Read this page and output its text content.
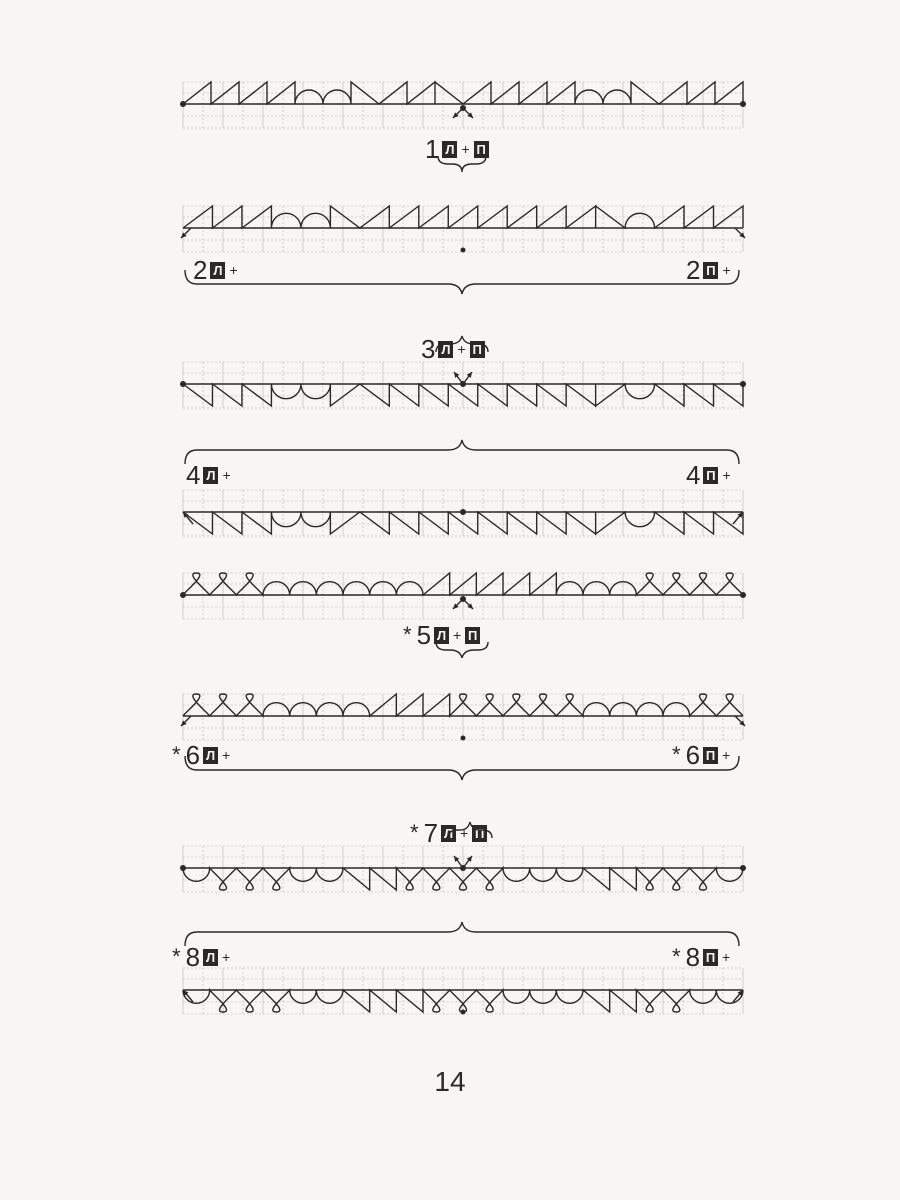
1 Л + П
2 Л +	2 П +
3 Л + П
4 Л +	4 П +
* 5 Л + П
* 6 Л +	* 6 П +
* 7 Л + П
* 8 Л +	* 8 П +
14
